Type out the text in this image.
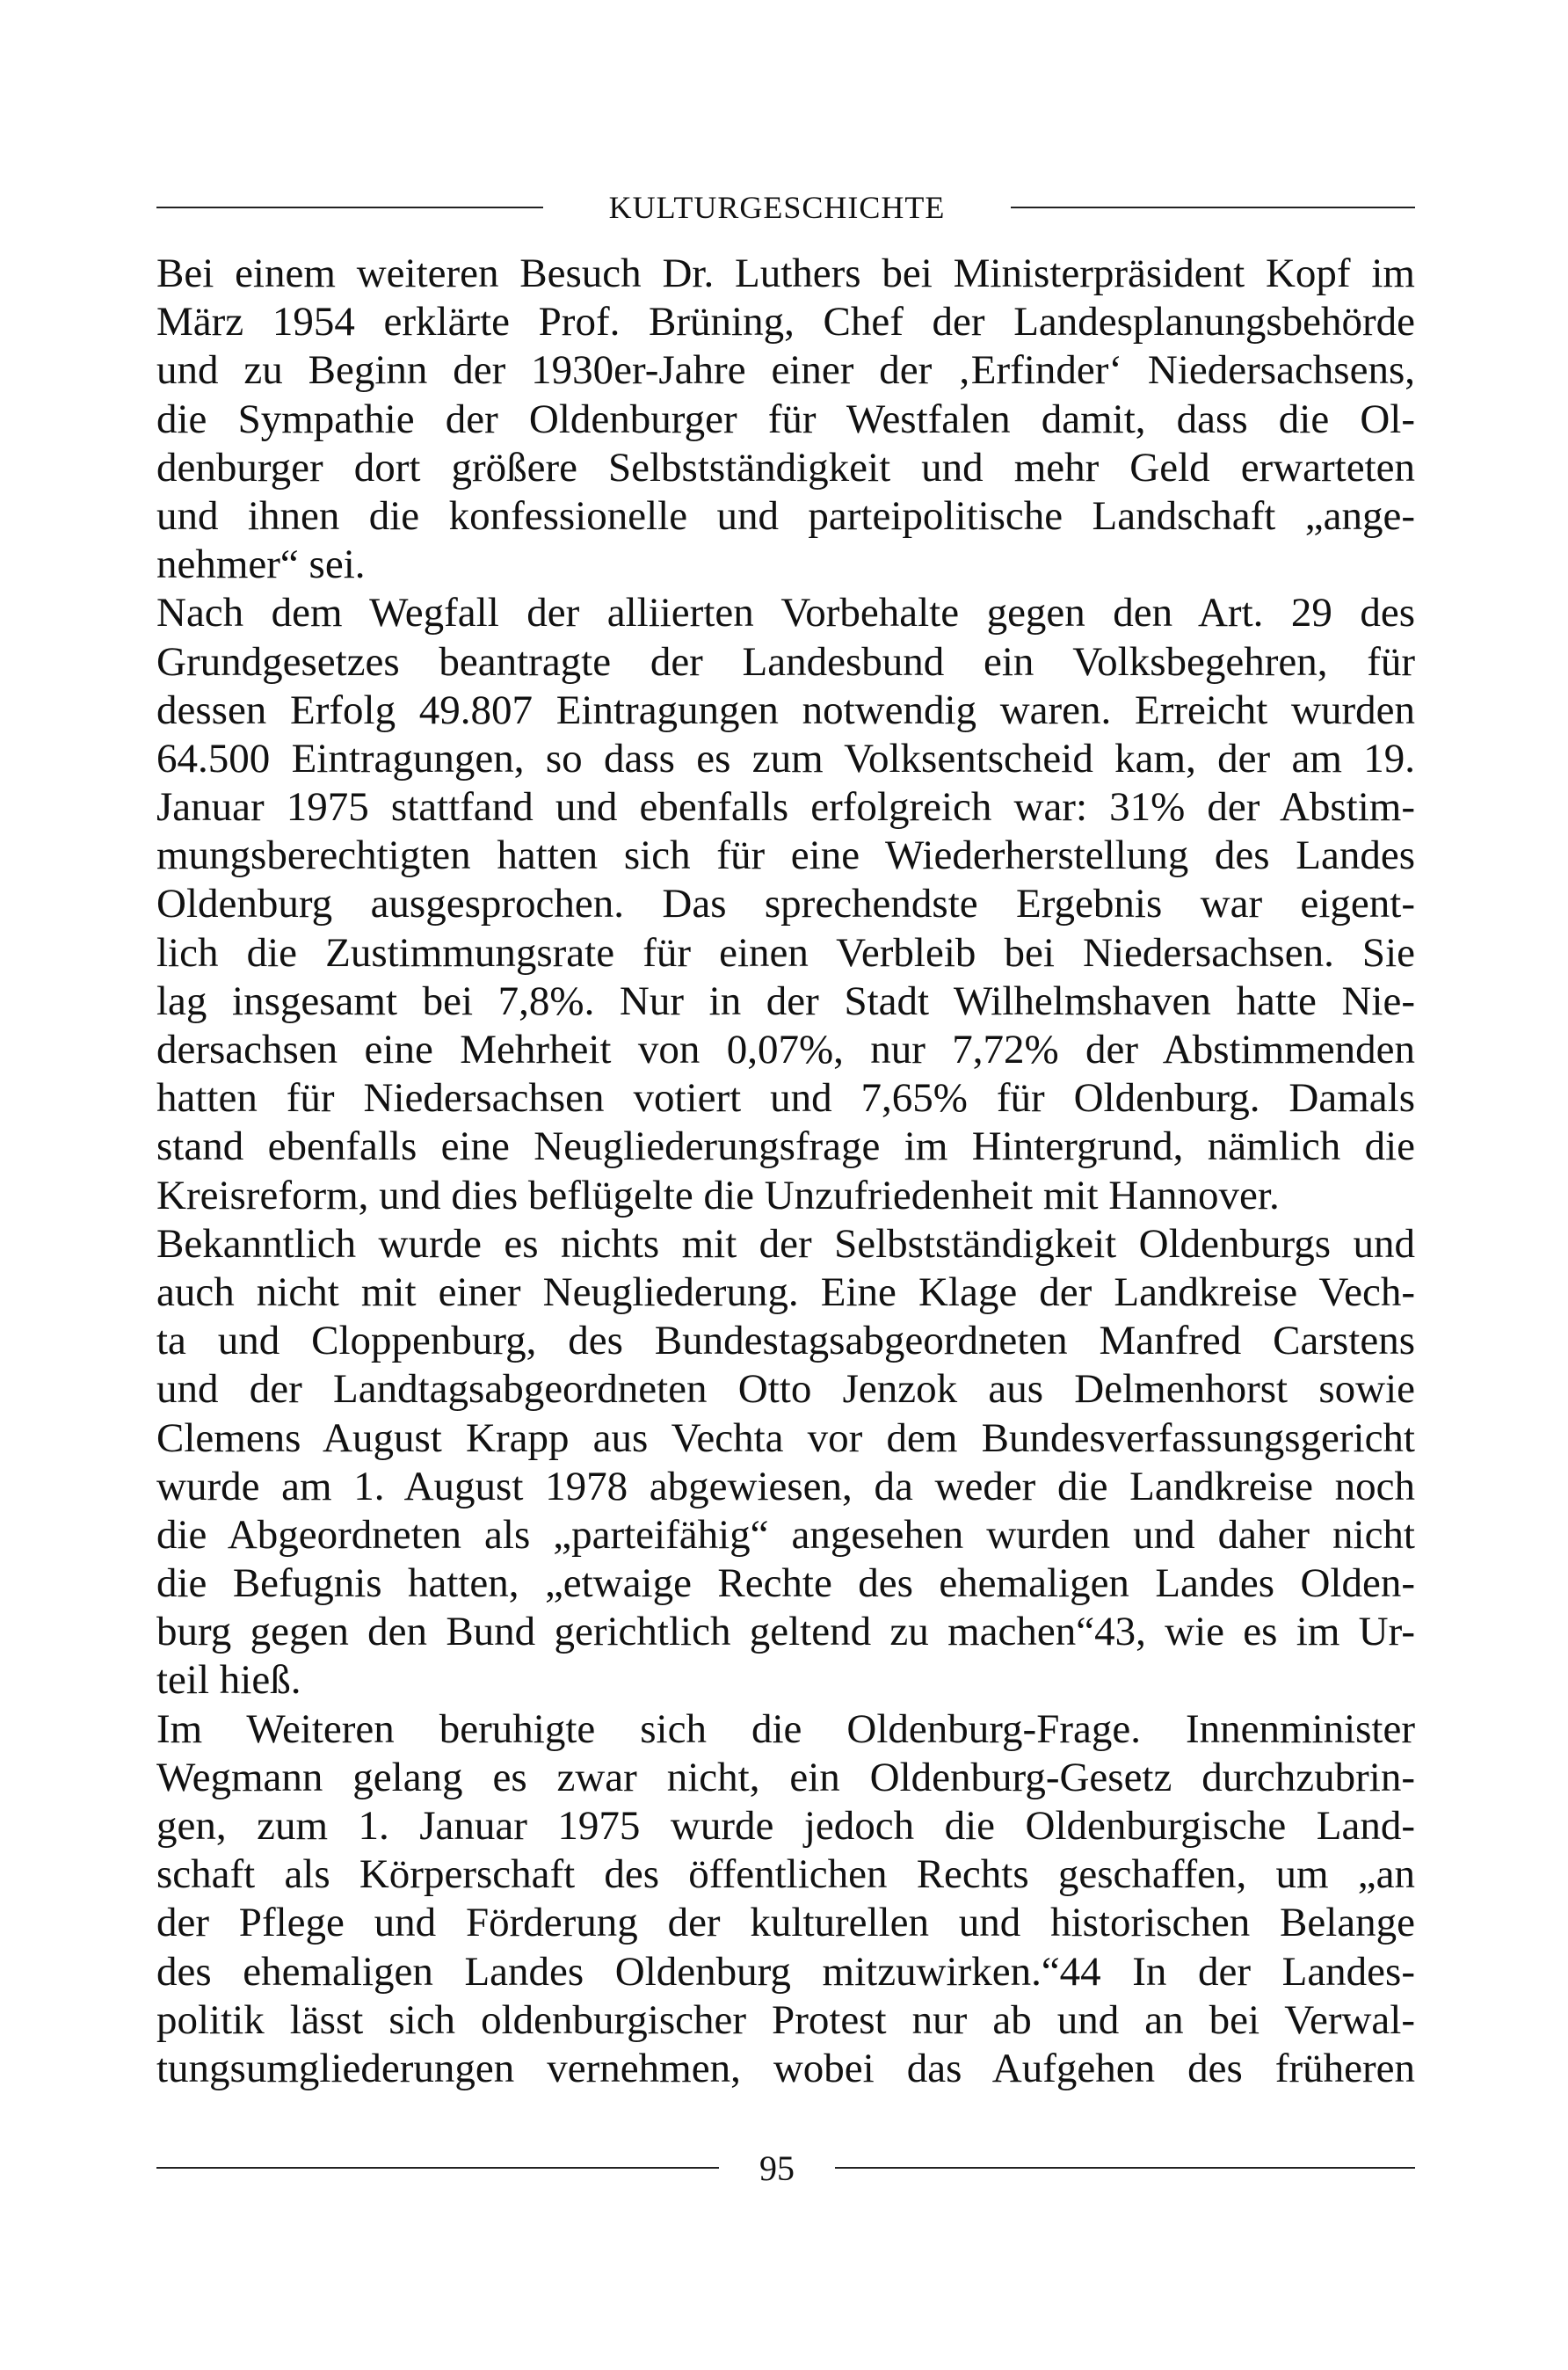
KULTURGESCHICHTE
Bei einem weiteren Besuch Dr. Luthers bei Ministerpräsident Kopf im
März 1954 erklärte Prof. Brüning, Chef der Landesplanungsbehörde
und zu Beginn der 1930er-Jahre einer der ‚Erfinder‘ Niedersachsens,
die Sympathie der Oldenburger für Westfalen damit, dass die Ol-
denburger dort größere Selbstständigkeit und mehr Geld erwarteten
und ihnen die konfessionelle und parteipolitische Landschaft „ange-
nehmer“ sei.
Nach dem Wegfall der alliierten Vorbehalte gegen den Art. 29 des
Grundgesetzes beantragte der Landesbund ein Volksbegehren, für
dessen Erfolg 49.807 Eintragungen notwendig waren. Erreicht wurden
64.500 Eintragungen, so dass es zum Volksentscheid kam, der am 19.
Januar 1975 stattfand und ebenfalls erfolgreich war: 31% der Abstim-
mungsberechtigten hatten sich für eine Wiederherstellung des Landes
Oldenburg ausgesprochen. Das sprechendste Ergebnis war eigent-
lich die Zustimmungsrate für einen Verbleib bei Niedersachsen. Sie
lag insgesamt bei 7,8%. Nur in der Stadt Wilhelmshaven hatte Nie-
dersachsen eine Mehrheit von 0,07%, nur 7,72% der Abstimmenden
hatten für Niedersachsen votiert und 7,65% für Oldenburg. Damals
stand ebenfalls eine Neugliederungsfrage im Hintergrund, nämlich die
Kreisreform, und dies beflügelte die Unzufriedenheit mit Hannover.
Bekanntlich wurde es nichts mit der Selbstständigkeit Oldenburgs und
auch nicht mit einer Neugliederung. Eine Klage der Landkreise Vech-
ta und Cloppenburg, des Bundestagsabgeordneten Manfred Carstens
und der Landtagsabgeordneten Otto Jenzok aus Delmenhorst sowie
Clemens August Krapp aus Vechta vor dem Bundesverfassungsgericht
wurde am 1. August 1978 abgewiesen, da weder die Landkreise noch
die Abgeordneten als „parteifähig“ angesehen wurden und daher nicht
die Befugnis hatten, „etwaige Rechte des ehemaligen Landes Olden-
burg gegen den Bund gerichtlich geltend zu machen“43, wie es im Ur-
teil hieß.
Im Weiteren beruhigte sich die Oldenburg-Frage. Innenminister
Wegmann gelang es zwar nicht, ein Oldenburg-Gesetz durchzubrin-
gen, zum 1. Januar 1975 wurde jedoch die Oldenburgische Land-
schaft als Körperschaft des öffentlichen Rechts geschaffen, um „an
der Pflege und Förderung der kulturellen und historischen Belange
des ehemaligen Landes Oldenburg mitzuwirken.“44 In der Landes-
politik lässt sich oldenburgischer Protest nur ab und an bei Verwal-
tungsumgliederungen vernehmen, wobei das Aufgehen des früheren
95
